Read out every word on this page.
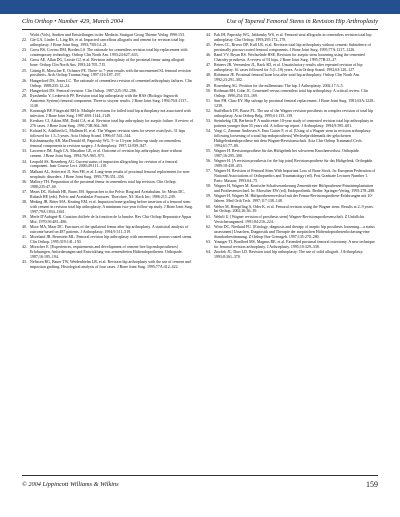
Clin Orthop • Number 429, March 2004	Use of Tapered Femoral Stems in Revision Hip Arthroplasty
Wicht (Vols), Studien und Entstellungen in der Medizin. Stuttgart Georg Thieme Verlag 1990:153.
22. Gie GA, Linder L, Ling RS, et al. Impacted cancellous allografts and cement for revision total hip arthroplasty. J Bone Joint Surg. 1993;75B:14–21.
23. Gross BS, Covino DM, Borden LS. The rationale for cementless revision total hip replacement with contemporary technology. Orthop Clin North Am. 1993;24:627–633.
24. Gross AE, Allan DG, Lavoie GJ, et al. Revision arthroplasty of the proximal femur using allograft bone. Orthop Clin North Am. 1993;24:705–715.
25. Grünig R, Morscher E, Ochsner PE. Three- to 7-year results with the uncemented SL femoral revision prosthesis. Arch Orthop Trauma Surg. 1997;116:187–197.
26. Hungerford DS, Jones LC. The rationale of cementless revision of cemented arthroplasty failures. Clin Orthop. 1988;235:12–24.
27. Hungerford DS. Femoral revision. Clin Orthop. 1987;225:192–206.
28. Ilyashenko Y, Lednevich PF. Revision total hip arthroplasty with the HAS (Biologic Ingrowth Anatomic System) femoral component: Three to sixyear results. J Bone Joint Surg. 1994;76A:1137–1148.
29. Kavanagh BF, Fitzgerald RH Jr. Multiple revisions for failed total hip arthroplasty not associated with infection. J Bone Joint Surg. 1987;69A:1144–1149.
30. Kershaw CJ, Atkins RM, Dodd CA, et al. Revision total hip arthroplasty for aseptic failure. A review of 276 cases. J Bone Joint Surg. 1991;73B:564–568.
31. Kolstad K, Adalberth G, Mallmin H, et al. The Wagner revision stem for severe osteolysis. 31 hips followed for 1.5–5 years. Acta Orthop Scand. 1996;67:541–544.
32. Krishnamurthy AB, MacDonald SJ, Paprosky WG. 5- to 13-year follow-up study on cementless femoral components in revision surgery. J Arthroplasty. 1997;12:839–847.
33. Lawrence JM, Engh CA, Macalino GE, et al. Outcome of revision hip arthroplasty done without cement. J Bone Joint Surg. 1994;76A:965–973.
34. Leopold SS, Rosenberg AG. Current status of impaction allografting for revision of a femoral component. Instr Course Lect. 2000;49:111–118.
35. Malkani AL, Settecerri JJ, Sim FH, et al. Long-term results of proximal femoral replacement for non-neoplastic disorders. J Bone Joint Surg. 1995;77B:351–356.
36. Mallory TH. Preparation of the proximal femur in cementless total hip revision. Clin Orthop. 1988;235:47–60.
37. Mears DC, Rubash HE, Burns JM. Approaches to the Pelvic Ring and Acetabulum. In: Mears DC, Rubash HE (eds). Pelvic and Acetabular Fractures. Thorofare, NJ: Slack Inc; 1986:215–249.
38. Meding JB, Ritter MA, Keating EM, et al. Impaction bone-grafting before insertion of a femoral stem with cement in revision total hip arthroplasty. A minimum two-year follow-up study. J Bone Joint Surg. 1997;79A:1834–1841.
39. Merle D'Aubigné R. Cotation chiffrée de la fonction de la hanche. Rev Chir Orthop Reparatrice Appar Mot. 1970;56:481–486.
40. Moor MA, Maar DC. Fractures of the ipsilateral femur after hip arthroplasty. A statistical analysis of outcome based on 487 patients. J Arthroplasty. 1994;9:511–519.
41. Moreland JR, Bernstein ML. Femoral revision hip arthroplasty with uncemented, porous-coated stems. Clin Orthop. 1995;319:141–150.
42. Morscher E. [Experiences, requirements and development of cement-free hip endoprostheses] Erfahrungen, Anforderungen und Entwicklung von zementfreien Hüftendoprothesen. Orthopade. 1987;16:185–194.
43. Nelissen RG, Bauer TW, Weidenhielm LR, et al. Revision hip arthroplasty with the use of cement and impaction grafting. Histological analysis of four cases. J Bone Joint Surg. 1995;77A:412–422.
44. Pak JH, Paprosky WG, Jablonsky WS, et al. Femoral strut allografts in cementless revision total hip arthroplasty. Clin Orthop. 1993;295:172–178.
45. Peters CL, Rivero DP, Kull LR, et al. Revision total hip arthroplasty without cement: Subsidence of proximally porous-coated femoral components. J Bone Joint Surg. 1995;77A:1217–1226.
46. Rand VV, Bryan RS. Wechselnde HSE. Revision for aseptic stem loosening using the cemented Charnley prosthesis. A review of 91 hips. J Bone Joint Surg. 1995;77B:23–27.
47. Reiners JB, Vermeulen JL, Rack SD, et al. Unsatisfactory results after repeated revision of hip arthroplasty: 61 cases followed for 5 (1–10) years. Acta Orthop Scand. 1992;63:120–127.
48. Robinson JE. Proximal femoral bone loss after total hip arthroplasty. Orthop Clin North Am. 1992;23:291–302.
49. Rosenberg AG. Position for the millennium: The hip. J Arthroplasty. 2002;17:3–5.
50. Rothman RH, Cohn JC. Cemented versus cementless total hip arthroplasty. A critical review. Clin Orthop. 1990;254:153–169.
51. Sim FH, Chao EY. Hip salvage by proximal femoral replacement. J Bone Joint Surg. 1981;63A:1228–1239.
52. Staffelbach DV, Busse PL. The use of the Wagner revision prosthesis in complex revision of total hip arthroplasty. Acta Orthop Belg. 1995;61:135–139.
53. Steinhebig CB, Berberiu P. A multicenter 10-year study of cemented revision total hip arthroplasty in patients younger than 55 years old. A follow-up report. J Arthroplasty. 1994;9:595–601.
54. Voigt C, Zimmer Andersen S, Emo Gaiser F, et al. [Using of a Wagner stem in revision arthroplasty following loosening of a total hip endoprosthesis] Wechselproblematik der gelockerten Hüftgelenkendoprothese mit dem Wagner-Revisionsschaft. Acta Chir Orthop Traumatol Cech. 1994;61:77–80.
55. Wagner H. Revisionsprothese für das Hüftgelenk bei schwerem Knochenverlust. Orthopäde. 1987;16:295–300.
56. Wagner H. [A revision prosthesis for the hip joint] Revisionsprothese für das Hüftgelenk. Orthopäde. 1989;18:438–453.
57. Wagner H. Revision of Femoral Stem With Important Loss of Bone Stock. In: European Federation of National Associations of Orthopaedics and Traumatology (ed). Post Graduate Lecturer Number 1. Paris: Masson; 1993:64–75.
58. Wagner H, Wagner M. Konische Schaftverankerung Zementfreier Hüftprothesen-Primärimplantation und Prothesenwechsel. In: Morscher EW (ed). Endoprothetik. Berlin: Springer-Verlag; 1995:278–288.
59. Wagner H, Wagner M. Hüftprothesenwechsel mit der Femur-Revisionsprothese-Erfahrungen mit 10-Jahren. Med Orth Tech. 1997;117:138–148.
60. Weber M, Hempfling A, Oder K, et al. Femoral revision using the Wagner stem: Results at 2–9 years. Int Orthop. 2002;26:36–39.
61. Wehrli U. [Wagner revision of prosthesis stem] Wagner-Revisionsprothesenschaft. Z Unfallchir Versicherungsmed. 1991;84:216–224.
62. Wirtz DC, Niethard FU. [Etiology, diagnosis and therapy of aseptic hip prosthesis loosening—a status assessment] Ursachen, Diagnostik und Therapie der aseptischen Hüftendoprothesenlockerung-eine Standortbestimmung. Z Orthop Ihre Grenzgeb. 1997;135:270–280.
63. Younger TI, Bradford MS, Magnus RE, et al. Extended proximal femoral osteotomy. A new technique for femoral revision arthroplasty. J Arthroplasty. 1995;10:329–338.
64. Zmolek JC, Dorr LD. Revision total hip arthroplasty: The use of solid allograft. J Arthroplasty. 1993;8:361–370.
© 2004 Lippincott Williams & Wilkins	159
